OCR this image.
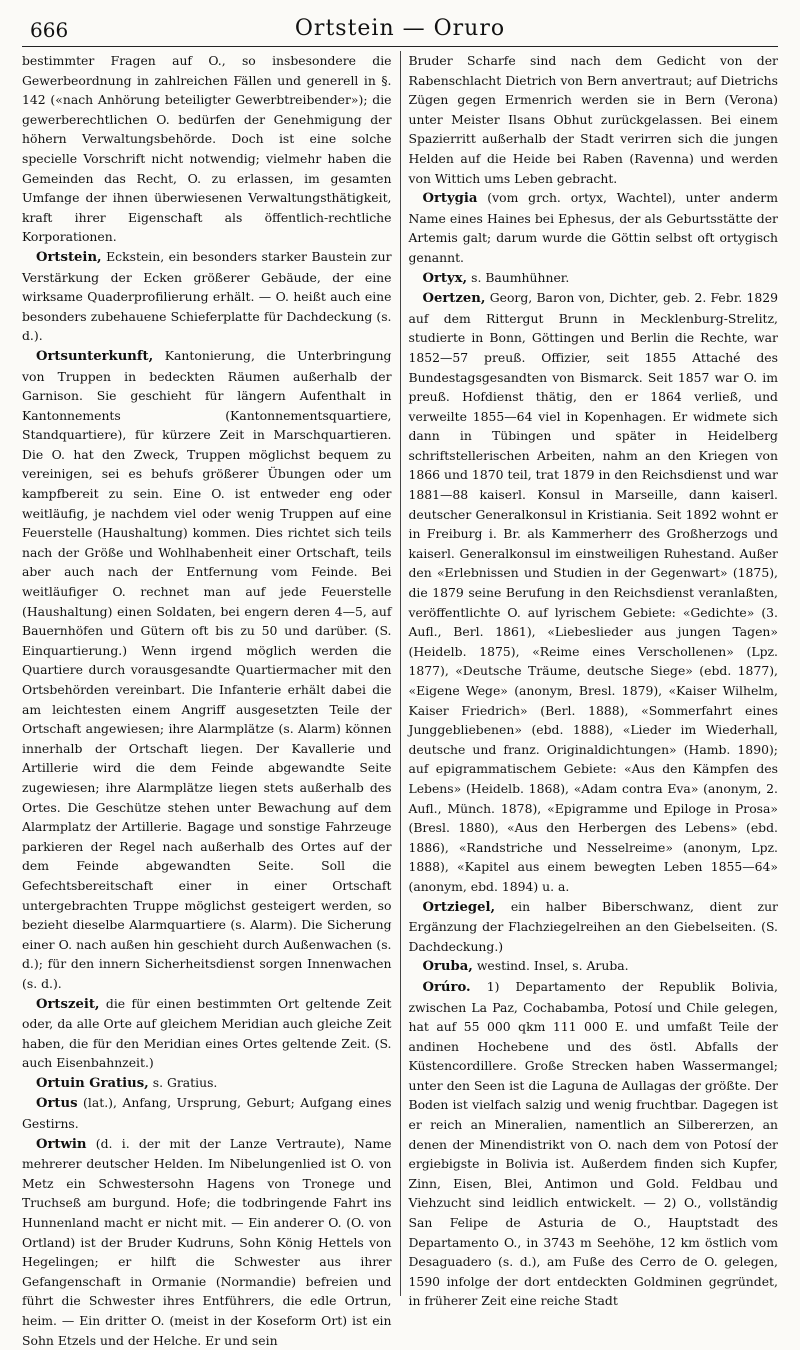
666	Ortstein — Oruro

bestimmter Fragen auf O., so insbesondere die Gewerbeordnung in zahlreichen Fällen und generell in §. 142 («nach Anhörung beteiligter Gewerbtreibender»); die gewerberechtlichen O. bedürfen der Genehmigung der höhern Verwaltungsbehörde. Doch ist eine solche specielle Vorschrift nicht notwendig; vielmehr haben die Gemeinden das Recht, O. zu erlassen, im gesamten Umfange der ihnen überwiesenen Verwaltungsthätigkeit, kraft ihrer Eigenschaft als öffentlich-rechtliche Korporationen.

Ortstein, Eckstein, ein besonders starker Baustein zur Verstärkung der Ecken größerer Gebäude, der eine wirksame Quaderprofilierung erhält. — O. heißt auch eine besonders zubehauene Schieferplatte für Dachdeckung (s. d.).

Ortsunterkunft, Kantonierung, die Unterbringung von Truppen in bedeckten Räumen außerhalb der Garnison. Sie geschieht für längern Aufenthalt in Kantonnements (Kantonnementsquartiere, Standquartiere), für kürzere Zeit in Marschquartieren. Die O. hat den Zweck, Truppen möglichst bequem zu vereinigen, sei es behufs größerer Übungen oder um kampfbereit zu sein. Eine O. ist entweder eng oder weitläufig, je nachdem viel oder wenig Truppen auf eine Feuerstelle (Haushaltung) kommen. Dies richtet sich teils nach der Größe und Wohlhabenheit einer Ortschaft, teils aber auch nach der Entfernung vom Feinde. Bei weitläufiger O. rechnet man auf jede Feuerstelle (Haushaltung) einen Soldaten, bei engern deren 4—5, auf Bauernhöfen und Gütern oft bis zu 50 und darüber. (S. Einquartierung.) Wenn irgend möglich werden die Quartiere durch vorausgesandte Quartiermacher mit den Ortsbehörden vereinbart. Die Infanterie erhält dabei die am leichtesten einem Angriff ausgesetzten Teile der Ortschaft angewiesen; ihre Alarmplätze (s. Alarm) können innerhalb der Ortschaft liegen. Der Kavallerie und Artillerie wird die dem Feinde abgewandte Seite zugewiesen; ihre Alarmplätze liegen stets außerhalb des Ortes. Die Geschütze stehen unter Bewachung auf dem Alarmplatz der Artillerie. Bagage und sonstige Fahrzeuge parkieren der Regel nach außerhalb des Ortes auf der dem Feinde abgewandten Seite. Soll die Gefechtsbereitschaft einer in einer Ortschaft untergebrachten Truppe möglichst gesteigert werden, so bezieht dieselbe Alarmquartiere (s. Alarm). Die Sicherung einer O. nach außen hin geschieht durch Außenwachen (s. d.); für den innern Sicherheitsdienst sorgen Innenwachen (s. d.).

Ortszeit, die für einen bestimmten Ort geltende Zeit oder, da alle Orte auf gleichem Meridian auch gleiche Zeit haben, die für den Meridian eines Ortes geltende Zeit. (S. auch Eisenbahnzeit.)

Ortuin Gratius, s. Gratius.

Ortus (lat.), Anfang, Ursprung, Geburt; Aufgang eines Gestirns.

Ortwin (d. i. der mit der Lanze Vertraute), Name mehrerer deutscher Helden. Im Nibelungenlied ist O. von Metz ein Schwestersohn Hagens von Tronege und Truchseß am burgund. Hofe; die todbringende Fahrt ins Hunnenland macht er nicht mit. — Ein anderer O. (O. von Ortland) ist der Bruder Kudruns, Sohn König Hettels von Hegelingen; er hilft die Schwester aus ihrer Gefangenschaft in Ormanie (Normandie) befreien und führt die Schwester ihres Entführers, die edle Ortrun, heim. — Ein dritter O. (meist in der Koseform Ort) ist ein Sohn Etzels und der Helche. Er und sein

Bruder Scharfe sind nach dem Gedicht von der Rabenschlacht Dietrich von Bern anvertraut; auf Dietrichs Zügen gegen Ermenrich werden sie in Bern (Verona) unter Meister Ilsans Obhut zurückgelassen. Bei einem Spazierritt außerhalb der Stadt verirren sich die jungen Helden auf die Heide bei Raben (Ravenna) und werden von Wittich ums Leben gebracht.

Ortygia (vom grch. ortyx, Wachtel), unter anderm Name eines Haines bei Ephesus, der als Geburtsstätte der Artemis galt; darum wurde die Göttin selbst oft ortygisch genannt.

Ortyx, s. Baumhühner.

Oertzen, Georg, Baron von, Dichter, geb. 2. Febr. 1829 auf dem Rittergut Brunn in Mecklenburg-Strelitz, studierte in Bonn, Göttingen und Berlin die Rechte, war 1852—57 preuß. Offizier, seit 1855 Attaché des Bundestagsgesandten von Bismarck. Seit 1857 war O. im preuß. Hofdienst thätig, den er 1864 verließ, und verweilte 1855—64 viel in Kopenhagen. Er widmete sich dann in Tübingen und später in Heidelberg schriftstellerischen Arbeiten, nahm an den Kriegen von 1866 und 1870 teil, trat 1879 in den Reichsdienst und war 1881—88 kaiserl. Konsul in Marseille, dann kaiserl. deutscher Generalkonsul in Kristiania. Seit 1892 wohnt er in Freiburg i. Br. als Kammerherr des Großherzogs und kaiserl. Generalkonsul im einstweiligen Ruhestand. Außer den «Erlebnissen und Studien in der Gegenwart» (1875), die 1879 seine Berufung in den Reichsdienst veranlaßten, veröffentlichte O. auf lyrischem Gebiete: «Gedichte» (3. Aufl., Berl. 1861), «Liebeslieder aus jungen Tagen» (Heidelb. 1875), «Reime eines Verschollenen» (Lpz. 1877), «Deutsche Träume, deutsche Siege» (ebd. 1877), «Eigene Wege» (anonym, Bresl. 1879), «Kaiser Wilhelm, Kaiser Friedrich» (Berl. 1888), «Sommerfahrt eines Junggebliebenen» (ebd. 1888), «Lieder im Wiederhall, deutsche und franz. Originaldichtungen» (Hamb. 1890); auf epigrammatischem Gebiete: «Aus den Kämpfen des Lebens» (Heidelb. 1868), «Adam contra Eva» (anonym, 2. Aufl., Münch. 1878), «Epigramme und Epiloge in Prosa» (Bresl. 1880), «Aus den Herbergen des Lebens» (ebd. 1886), «Randstriche und Nesselreime» (anonym, Lpz. 1888), «Kapitel aus einem bewegten Leben 1855—64» (anonym, ebd. 1894) u. a.

Ortziegel, ein halber Biberschwanz, dient zur Ergänzung der Flachziegelreihen an den Giebelseiten. (S. Dachdeckung.)

Oruba, westind. Insel, s. Aruba.

Orúro. 1) Departamento der Republik Bolivia, zwischen La Paz, Cochabamba, Potosí und Chile gelegen, hat auf 55 000 qkm 111 000 E. und umfaßt Teile der andinen Hochebene und des östl. Abfalls der Küstencordillere. Große Strecken haben Wassermangel; unter den Seen ist die Laguna de Aullagas der größte. Der Boden ist vielfach salzig und wenig fruchtbar. Dagegen ist er reich an Mineralien, namentlich an Silbererzen, an denen der Minendistrikt von O. nach dem von Potosí der ergiebigste in Bolivia ist. Außerdem finden sich Kupfer, Zinn, Eisen, Blei, Antimon und Gold. Feldbau und Viehzucht sind leidlich entwickelt. — 2) O., vollständig San Felipe de Asturia de O., Hauptstadt des Departamento O., in 3743 m Seehöhe, 12 km östlich vom Desaguadero (s. d.), am Fuße des Cerro de O. gelegen, 1590 infolge der dort entdeckten Goldminen gegründet, in früherer Zeit eine reiche Stadt
